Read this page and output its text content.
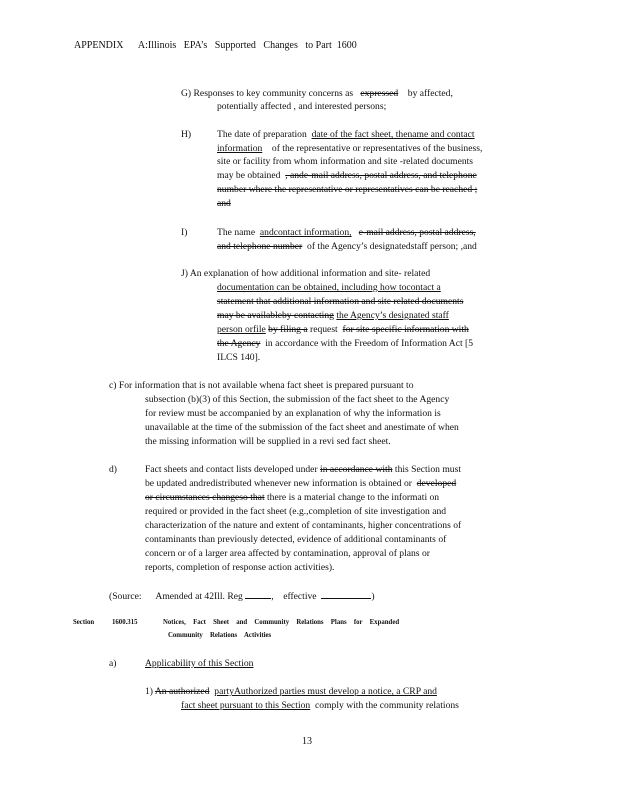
APPENDIX A:Illinois EPA’s Supported Changes to Part 1600
G) Responses to key community concerns as expressed by affected,
potentially affected , and interested persons;
H)	The date of preparation date of the fact sheet, thename and contact
information of the representative or representatives of the business,
site or facility from whom information and site -related documents
may be obtained , ande-mail address, postal address, and telephone
number where the representative or representatives can be reached ;
and
I)	The name andcontact information, e-mail address, postal address,
and telephone number of the Agency’s designatedstaff person; ,and
J) An explanation of how additional information and site- related
documentation can be obtained, including how tocontact a
statement that additional information and site related documents
may be availableby contacting the Agency’s designated staff
person orfile by filing a request for site specific information with
the Agency in accordance with the Freedom of Information Act [5
ILCS 140].
c) For information that is not available whena fact sheet is prepared pursuant to
subsection (b)(3) of this Section, the submission of the fact sheet to the Agency
for review must be accompanied by an explanation of why the information is
unavailable at the time of the submission of the fact sheet and anestimate of when
the missing information will be supplied in a revi sed fact sheet.
d)	Fact sheets and contact lists developed under in accordance with this Section must
be updated andredistributed whenever new information is obtained or developed
or circumstances changeso that there is a material change to the informati on
required or provided in the fact sheet (e.g.,completion of site investigation and
characterization of the nature and extent of contaminants, higher concentrations of
contaminants than previously detected, evidence of additional contaminants of
concern or of a larger area affected by contamination, approval of plans or
reports, completion of response action activities).
(Source: Amended at 42Ill. Reg	, effective	)
Section 1600.315	Notices, Fact Sheet and Community Relations Plans for Expanded
Community Relations Activities
a)	Applicability of this Section
1) An authorized partyAuthorized parties must develop a notice, a CRP and
fact sheet pursuant to this Section comply with the community relations
13
